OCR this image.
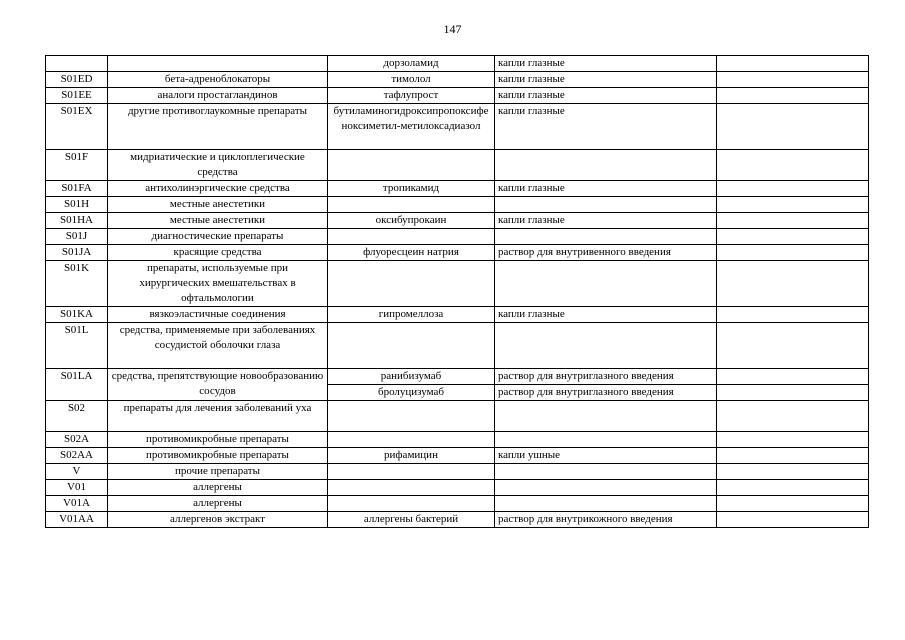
147
		дорзоламид	капли глазные	
S01ED	бета-адреноблокаторы	тимолол	капли глазные	
S01EE	аналоги простагландинов	тафлупрост	капли глазные	
S01EX	другие противоглаукомные препараты	бутиламиногидроксипропоксифеноксиметил-метилоксадиазол	капли глазные	
S01F	мидриатические и циклоплегические средства			
S01FA	антихолинэргические средства	тропикамид	капли глазные	
S01H	местные анестетики			
S01HA	местные анестетики	оксибупрокаин	капли глазные	
S01J	диагностические препараты			
S01JA	красящие средства	флуоресцеин натрия	раствор для внутривенного введения	
S01K	препараты, используемые при хирургических вмешательствах в офтальмологии			
S01KA	вязкоэластичные соединения	гипромеллоза	капли глазные	
S01L	средства, применяемые при заболеваниях сосудистой оболочки глаза			
S01LA	средства, препятствующие новообразованию сосудов	ранибизумаб	раствор для внутриглазного введения	
		бролуцизумаб	раствор для внутриглазного введения	
S02	препараты для лечения заболеваний уха			
S02A	противомикробные препараты			
S02AA	противомикробные препараты	рифамицин	капли ушные	
V	прочие препараты			
V01	аллергены			
V01A	аллергены			
V01AA	аллергенов экстракт	аллергены бактерий	раствор для внутрикожного введения	
